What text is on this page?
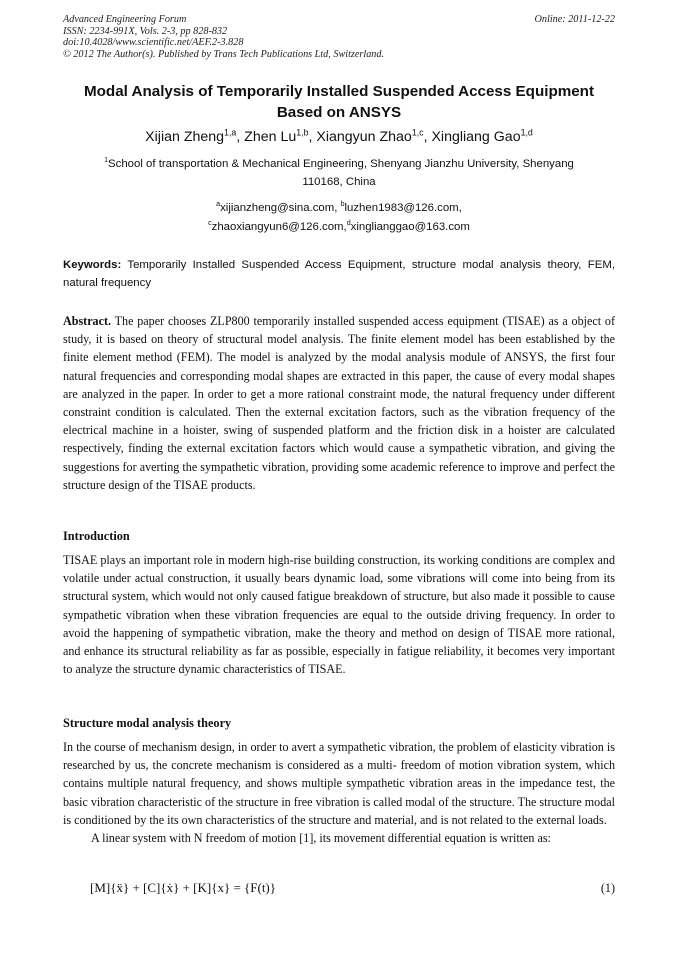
Advanced Engineering Forum
ISSN: 2234-991X, Vols. 2-3, pp 828-832
doi:10.4028/www.scientific.net/AEF.2-3.828
© 2012 The Author(s). Published by Trans Tech Publications Ltd, Switzerland.
Online: 2011-12-22
Modal Analysis of Temporarily Installed Suspended Access Equipment
Based on ANSYS
Xijian Zheng$^{1,a}$, Zhen Lu$^{1,b}$, Xiangyun Zhao$^{1,c}$, Xingliang Gao$^{1,d}$
$^1$School of transportation & Mechanical Engineering, Shenyang Jianzhu University, Shenyang
110168, China
$^a$xijianzheng@sina.com, $^b$luzhen1983@126.com,
$^c$zhaoxiangyun6@126.com,$^d$xinglianggao@163.com
Keywords: Temporarily Installed Suspended Access Equipment, structure modal analysis theory, FEM, natural frequency
Abstract. The paper chooses ZLP800 temporarily installed suspended access equipment (TISAE) as a object of study, it is based on theory of structural model analysis. The finite element model has been established by the finite element method (FEM). The model is analyzed by the modal analysis module of ANSYS, the first four natural frequencies and corresponding modal shapes are extracted in this paper, the cause of every modal shapes are analyzed in the paper. In order to get a more rational constraint mode, the natural frequency under different constraint condition is calculated. Then the external excitation factors, such as the vibration frequency of the electrical machine in a hoister, swing of suspended platform and the friction disk in a hoister are calculated respectively, finding the external excitation factors which would cause a sympathetic vibration, and giving the suggestions for averting the sympathetic vibration, providing some academic reference to improve and perfect the structure design of the TISAE products.
Introduction
TISAE plays an important role in modern high-rise building construction, its working conditions are complex and volatile under actual construction, it usually bears dynamic load, some vibrations will come into being from its structural system, which would not only caused fatigue breakdown of structure, but also made it possible to cause sympathetic vibration when these vibration frequencies are equal to the outside driving frequency. In order to avoid the happening of sympathetic vibration, make the theory and method on design of TISAE more rational, and enhance its structural reliability as far as possible, especially in fatigue reliability, it becomes very important to analyze the structure dynamic characteristics of TISAE.
Structure modal analysis theory
In the course of mechanism design, in order to avert a sympathetic vibration, the problem of elasticity vibration is researched by us, the concrete mechanism is considered as a multi- freedom of motion vibration system, which contains multiple natural frequency, and shows multiple sympathetic vibration areas in the impedance test, the basic vibration characteristic of the structure in free vibration is called modal of the structure. The structure modal is conditioned by the its own characteristics of the structure and material, and is not related to the external loads.
A linear system with N freedom of motion [1], its movement differential equation is written as:
[M]{ẍ} + [C]{ẋ} + [K]{x} = {F(t)}	(1)
